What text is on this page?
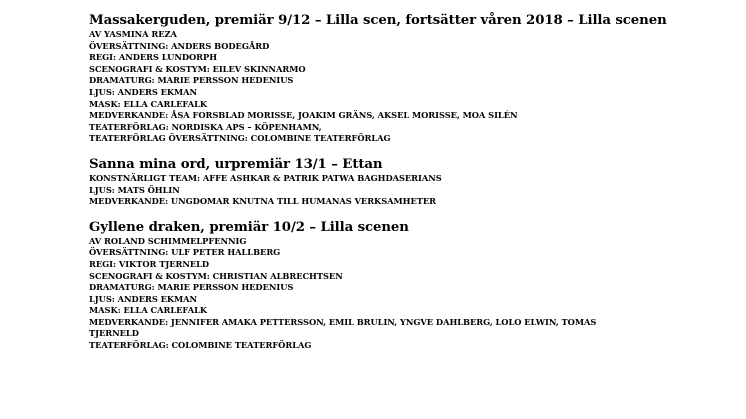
Massakerguden, premiär 9/12 – Lilla scen, fortsätter våren 2018 – Lilla scenen

AV YASMINA REZA

ÖVERSÄTTNING: ANDERS BODEGÅRD

REGI: ANDERS LUNDORPH

SCENOGRAFI & KOSTYM: EILEV SKINNARMO

DRAMATURG: MARIE PERSSON HEDENIUS

LJUS: ANDERS EKMAN

MASK: ELLA CARLEFALK

MEDVERKANDE: ÅSA FORSBLAD MORISSE, JOAKIM GRÄNS, AKSEL MORISSE, MOA SILÉN

TEATERFÖRLAG: NORDISKA APS – KÖPENHAMN,

TEATERFÖRLAG ÖVERSÄTTNING: COLOMBINE TEATERFÖRLAG

Sanna mina ord, urpremiär 13/1 – Ettan

KONSTNÄRLIGT TEAM: AFFE ASHKAR & PATRIK PATWA BAGHDASERIANS

LJUS: MATS ÖHLIN

MEDVERKANDE: UNGDOMAR KNUTNA TILL HUMANAS VERKSAMHETER

Gyllene draken, premiär 10/2 – Lilla scenen

AV ROLAND SCHIMMELPFENNIG

ÖVERSÄTTNING: ULF PETER HALLBERG

REGI: VIKTOR TJERNELD

SCENOGRAFI & KOSTYM: CHRISTIAN ALBRECHTSEN

DRAMATURG: MARIE PERSSON HEDENIUS

LJUS: ANDERS EKMAN

MASK: ELLA CARLEFALK

MEDVERKANDE: JENNIFER AMAKA PETTERSSON, EMIL BRULIN, YNGVE DAHLBERG, LOLO ELWIN, TOMAS TJERNELD

TEATERFÖRLAG: COLOMBINE TEATERFÖRLAG
